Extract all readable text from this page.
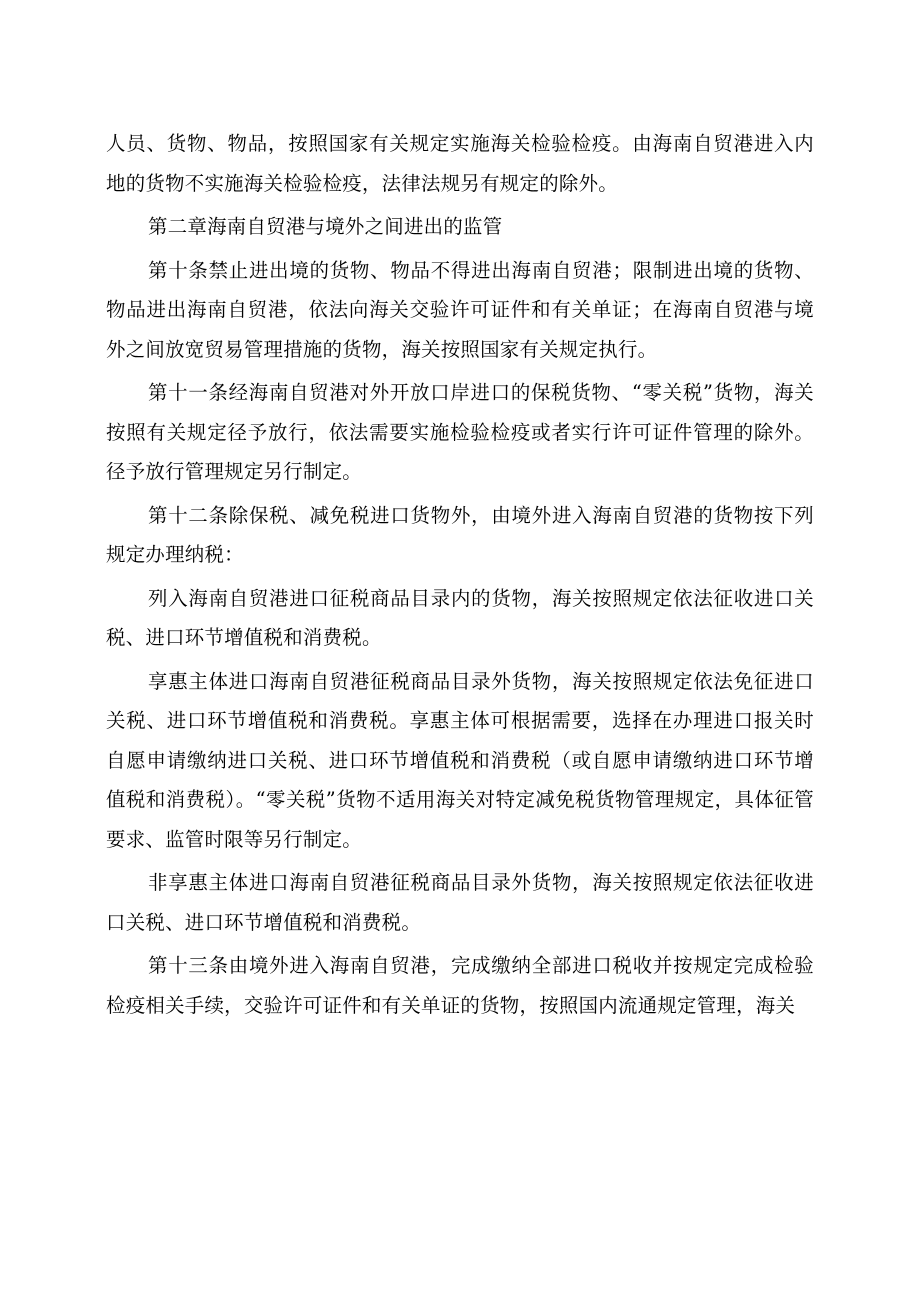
人员、货物、物品，按照国家有关规定实施海关检验检疫。由海南自贸港进入内地的货物不实施海关检验检疫，法律法规另有规定的除外。

第二章海南自贸港与境外之间进出的监管

第十条禁止进出境的货物、物品不得进出海南自贸港；限制进出境的货物、物品进出海南自贸港，依法向海关交验许可证件和有关单证；在海南自贸港与境外之间放宽贸易管理措施的货物，海关按照国家有关规定执行。

第十一条经海南自贸港对外开放口岸进口的保税货物、“零关税”货物，海关按照有关规定径予放行，依法需要实施检验检疫或者实行许可证件管理的除外。径予放行管理规定另行制定。

第十二条除保税、减免税进口货物外，由境外进入海南自贸港的货物按下列规定办理纳税：

列入海南自贸港进口征税商品目录内的货物，海关按照规定依法征收进口关税、进口环节增值税和消费税。

享惠主体进口海南自贸港征税商品目录外货物，海关按照规定依法免征进口关税、进口环节增值税和消费税。享惠主体可根据需要，选择在办理进口报关时自愿申请缴纳进口关税、进口环节增值税和消费税（或自愿申请缴纳进口环节增值税和消费税）。“零关税”货物不适用海关对特定减免税货物管理规定，具体征管要求、监管时限等另行制定。

非享惠主体进口海南自贸港征税商品目录外货物，海关按照规定依法征收进口关税、进口环节增值税和消费税。

第十三条由境外进入海南自贸港，完成缴纳全部进口税收并按规定完成检验检疫相关手续，交验许可证件和有关单证的货物，按照国内流通规定管理，海关
